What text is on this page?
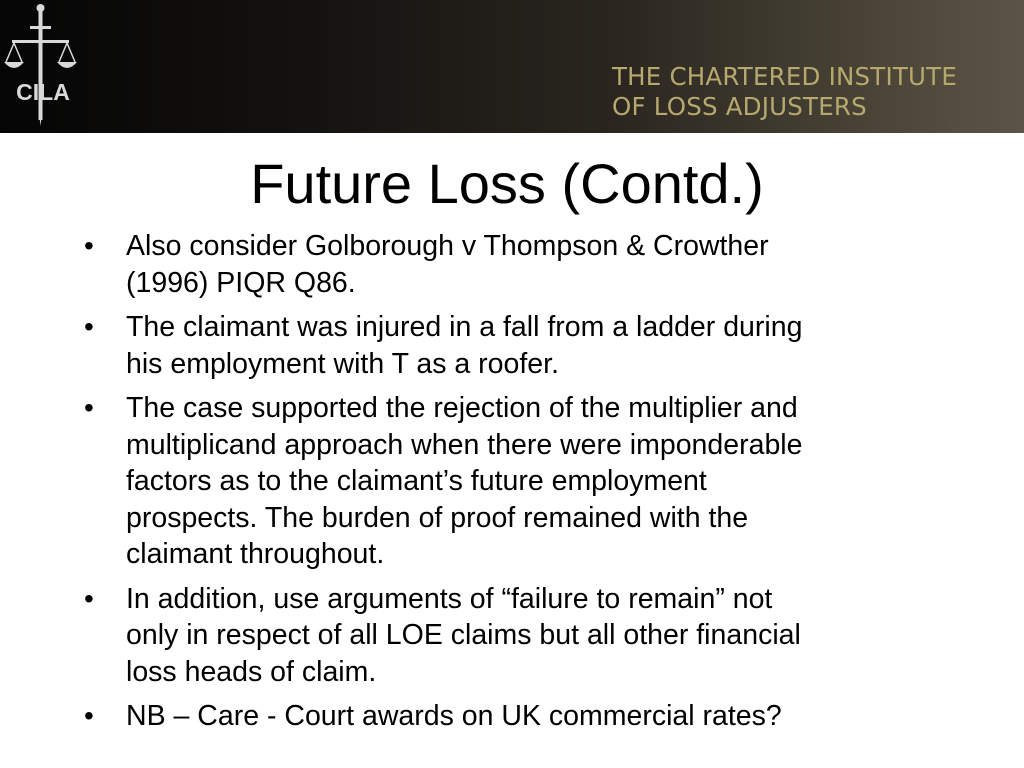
CILA
THE CHARTERED INSTITUTE
OF LOSS ADJUSTERS
Future Loss (Contd.)
•	Also consider Golborough v Thompson & Crowther
(1996) PIQR Q86.
•	The claimant was injured in a fall from a ladder during
his employment with T as a roofer.
•	The case supported the rejection of the multiplier and
multiplicand approach when there were imponderable
factors as to the claimant’s future employment
prospects. The burden of proof remained with the
claimant throughout.
•	In addition, use arguments of “failure to remain” not
only in respect of all LOE claims but all other financial
loss heads of claim.
•	NB – Care - Court awards on UK commercial rates?
